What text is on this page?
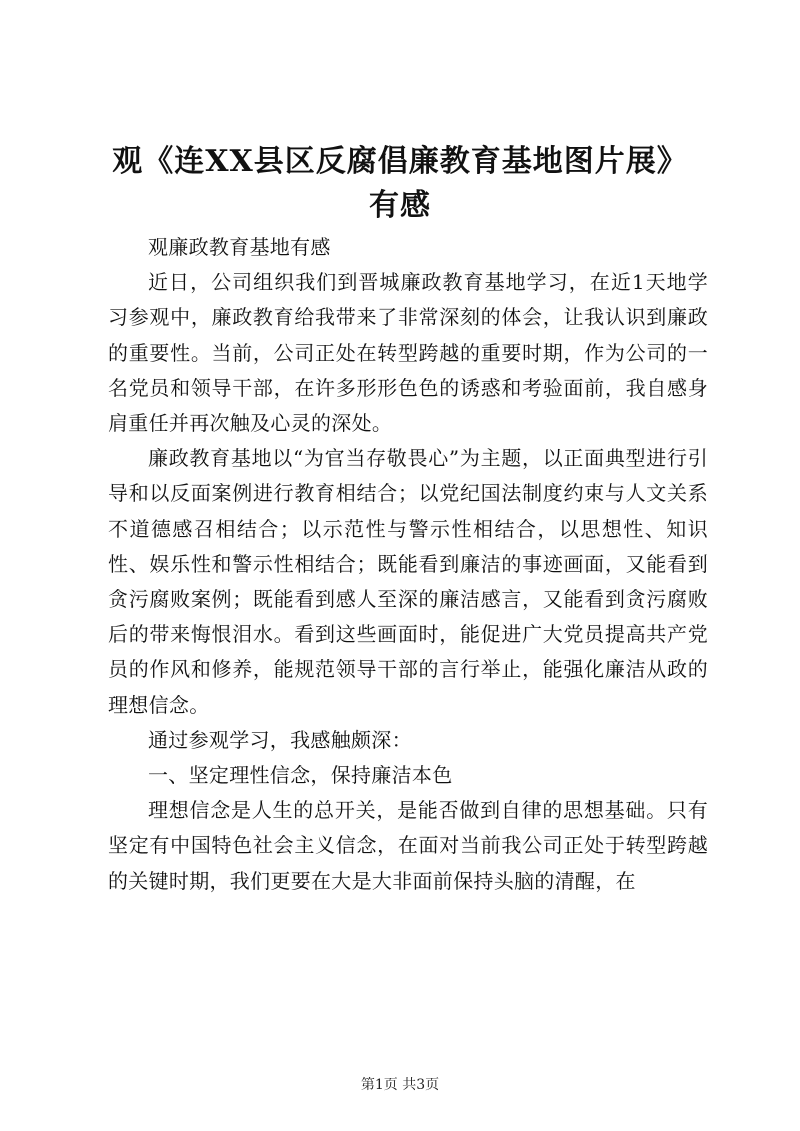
观《连XX县区反腐倡廉教育基地图片展》有感

观廉政教育基地有感

近日，公司组织我们到晋城廉政教育基地学习，在近1天地学习参观中，廉政教育给我带来了非常深刻的体会，让我认识到廉政的重要性。当前，公司正处在转型跨越的重要时期，作为公司的一名党员和领导干部，在许多形形色色的诱惑和考验面前，我自感身肩重任并再次触及心灵的深处。

廉政教育基地以“为官当存敬畏心”为主题，以正面典型进行引导和以反面案例进行教育相结合；以党纪国法制度约束与人文关系不道德感召相结合；以示范性与警示性相结合，以思想性、知识性、娱乐性和警示性相结合；既能看到廉洁的事迹画面，又能看到贪污腐败案例；既能看到感人至深的廉洁感言，又能看到贪污腐败后的带来悔恨泪水。看到这些画面时，能促进广大党员提高共产党员的作风和修养，能规范领导干部的言行举止，能强化廉洁从政的理想信念。

通过参观学习，我感触颇深：

一、坚定理性信念，保持廉洁本色

理想信念是人生的总开关，是能否做到自律的思想基础。只有坚定有中国特色社会主义信念，在面对当前我公司正处于转型跨越的关键时期，我们更要在大是大非面前保持头脑的清醒，在

第1页 共3页
